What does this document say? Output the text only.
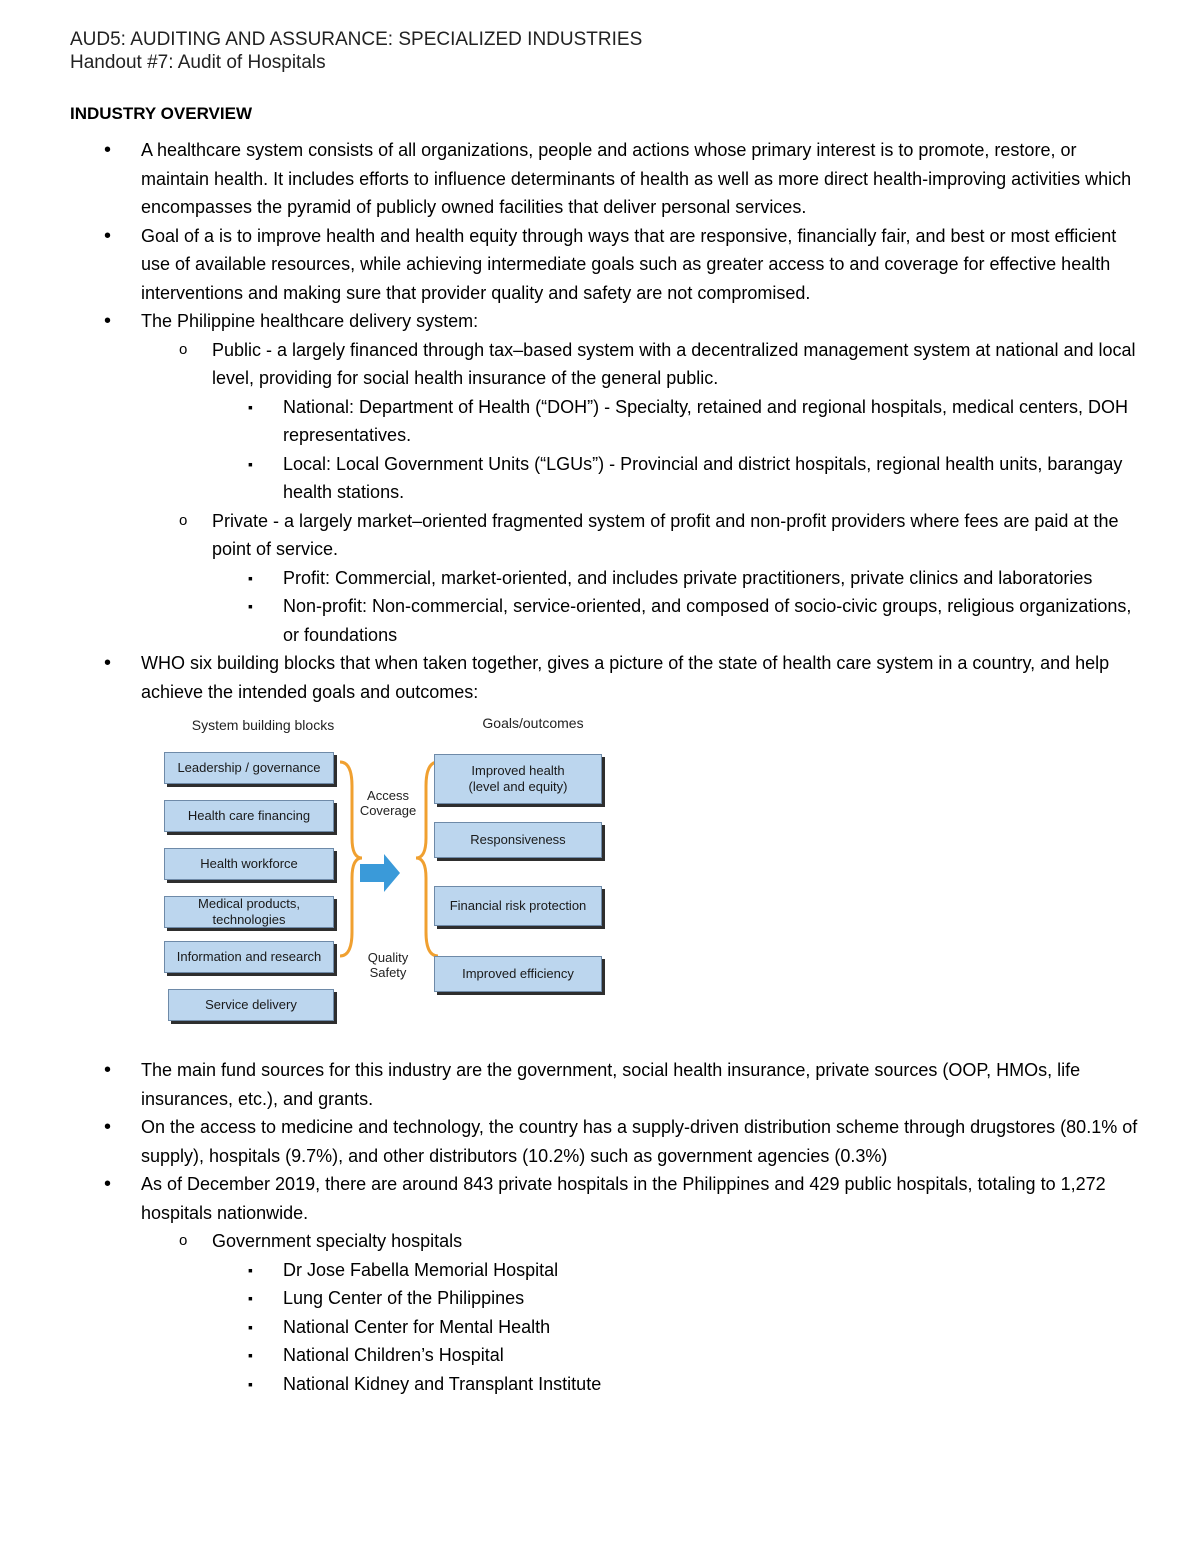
AUD5: AUDITING AND ASSURANCE: SPECIALIZED INDUSTRIES
Handout #7: Audit of Hospitals
INDUSTRY OVERVIEW
• A healthcare system consists of all organizations, people and actions whose primary interest is to promote, restore, or maintain health. It includes efforts to influence determinants of health as well as more direct health-improving activities which encompasses the pyramid of publicly owned facilities that deliver personal services.
• Goal of a is to improve health and health equity through ways that are responsive, financially fair, and best or most efficient use of available resources, while achieving intermediate goals such as greater access to and coverage for effective health interventions and making sure that provider quality and safety are not compromised.
• The Philippine healthcare delivery system:
o Public - a largely financed through tax–based system with a decentralized management system at national and local level, providing for social health insurance of the general public.
▪ National: Department of Health (“DOH”) - Specialty, retained and regional hospitals, medical centers, DOH representatives.
▪ Local: Local Government Units (“LGUs”) - Provincial and district hospitals, regional health units, barangay health stations.
o Private - a largely market–oriented fragmented system of profit and non-profit providers where fees are paid at the point of service.
▪ Profit: Commercial, market-oriented, and includes private practitioners, private clinics and laboratories
▪ Non-profit: Non-commercial, service-oriented, and composed of socio-civic groups, religious organizations, or foundations
• WHO six building blocks that when taken together, gives a picture of the state of health care system in a country, and help achieve the intended goals and outcomes:
System building blocks	Goals/outcomes
Leadership / governance
Health care financing
Health workforce
Medical products, technologies
Information and research
Service delivery
Access
Coverage
Quality
Safety
Improved health
(level and equity)
Responsiveness
Financial risk protection
Improved efficiency
• The main fund sources for this industry are the government, social health insurance, private sources (OOP, HMOs, life insurances, etc.), and grants.
• On the access to medicine and technology, the country has a supply-driven distribution scheme through drugstores (80.1% of supply), hospitals (9.7%), and other distributors (10.2%) such as government agencies (0.3%)
• As of December 2019, there are around 843 private hospitals in the Philippines and 429 public hospitals, totaling to 1,272 hospitals nationwide.
o Government specialty hospitals
▪ Dr Jose Fabella Memorial Hospital
▪ Lung Center of the Philippines
▪ National Center for Mental Health
▪ National Children’s Hospital
▪ National Kidney and Transplant Institute
